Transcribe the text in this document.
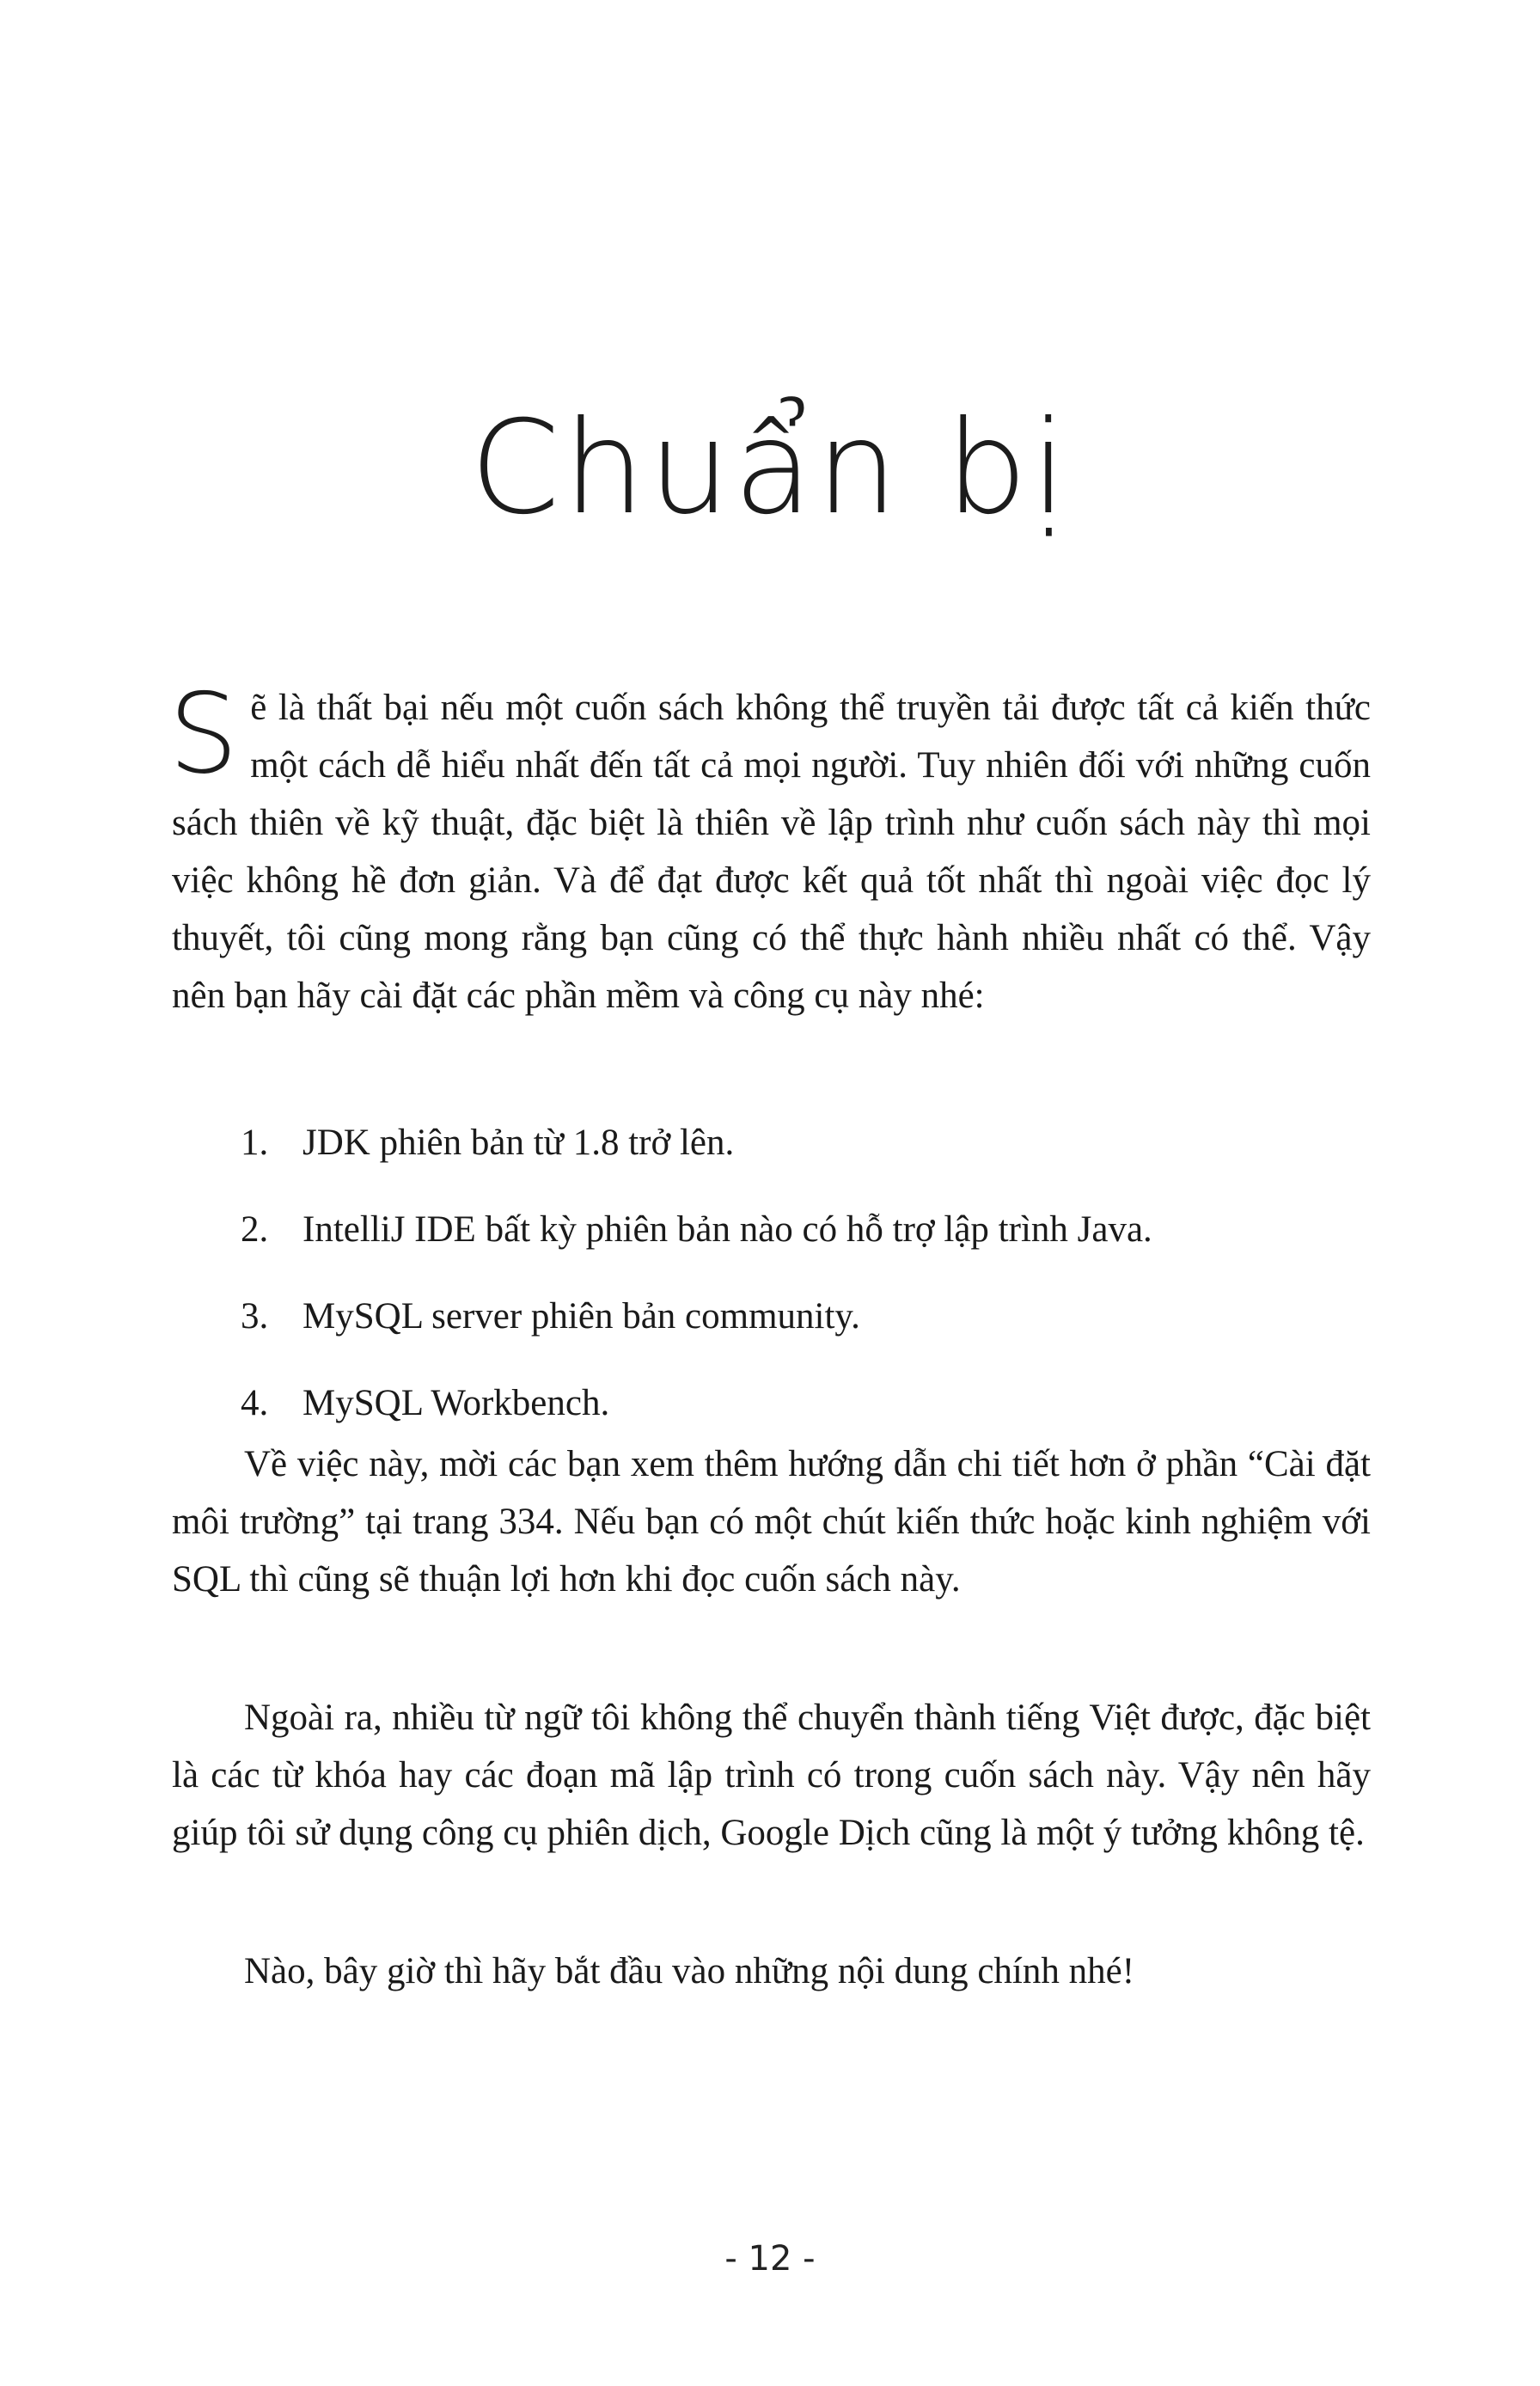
Chuẩn bị

Sẽ là thất bại nếu một cuốn sách không thể truyền tải được tất cả kiến thức một cách dễ hiểu nhất đến tất cả mọi người. Tuy nhiên đối với những cuốn sách thiên về kỹ thuật, đặc biệt là thiên về lập trình như cuốn sách này thì mọi việc không hề đơn giản. Và để đạt được kết quả tốt nhất thì ngoài việc đọc lý thuyết, tôi cũng mong rằng bạn cũng có thể thực hành nhiều nhất có thể. Vậy nên bạn hãy cài đặt các phần mềm và công cụ này nhé:

1. JDK phiên bản từ 1.8 trở lên.
2. IntelliJ IDE bất kỳ phiên bản nào có hỗ trợ lập trình Java.
3. MySQL server phiên bản community.
4. MySQL Workbench.

Về việc này, mời các bạn xem thêm hướng dẫn chi tiết hơn ở phần “Cài đặt môi trường” tại trang 334. Nếu bạn có một chút kiến thức hoặc kinh nghiệm với SQL thì cũng sẽ thuận lợi hơn khi đọc cuốn sách này.

Ngoài ra, nhiều từ ngữ tôi không thể chuyển thành tiếng Việt được, đặc biệt là các từ khóa hay các đoạn mã lập trình có trong cuốn sách này. Vậy nên hãy giúp tôi sử dụng công cụ phiên dịch, Google Dịch cũng là một ý tưởng không tệ.

Nào, bây giờ thì hãy bắt đầu vào những nội dung chính nhé!

- 12 -
